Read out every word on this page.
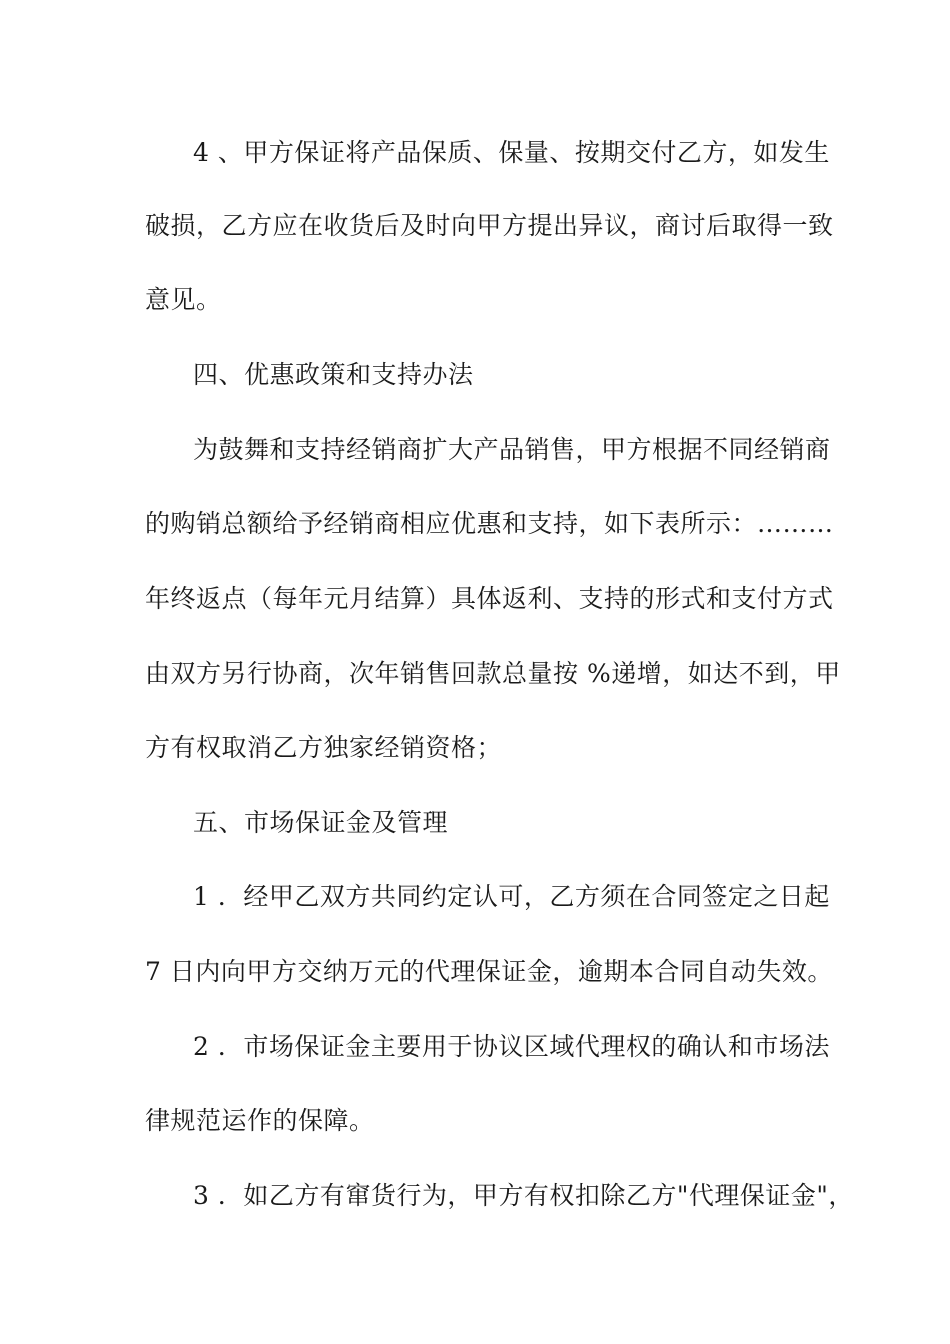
4 、甲方保证将产品保质、保量、按期交付乙方，如发生
破损，乙方应在收货后及时向甲方提出异议，商讨后取得一致
意见。
四、优惠政策和支持办法
为鼓舞和支持经销商扩大产品销售，甲方根据不同经销商
的购销总额给予经销商相应优惠和支持，如下表所示：………
年终返点（每年元月结算）具体返利、支持的形式和支付方式
由双方另行协商，次年销售回款总量按 %递增，如达不到，甲
方有权取消乙方独家经销资格；
五、市场保证金及管理
1 ．经甲乙双方共同约定认可，乙方须在合同签定之日起
7 日内向甲方交纳万元的代理保证金，逾期本合同自动失效。
2 ．市场保证金主要用于协议区域代理权的确认和市场法
律规范运作的保障。
3 ．如乙方有窜货行为，甲方有权扣除乙方"代理保证金"，
